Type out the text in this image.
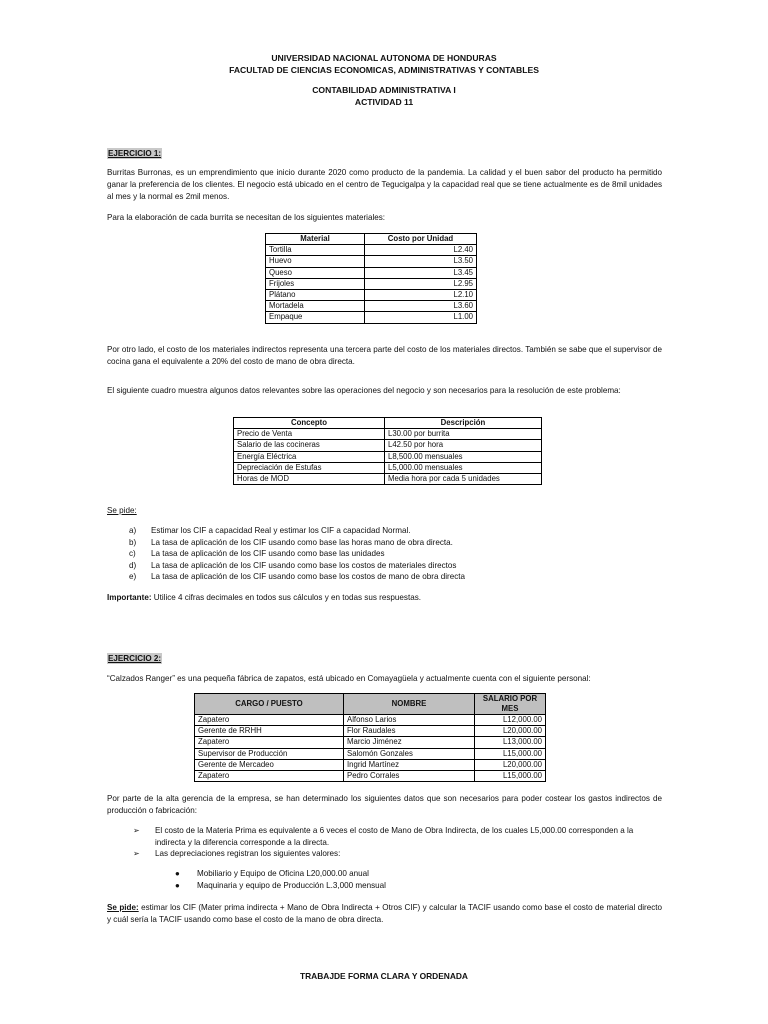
UNIVERSIDAD NACIONAL AUTONOMA DE HONDURAS
FACULTAD DE CIENCIAS ECONOMICAS, ADMINISTRATIVAS Y CONTABLES
CONTABILIDAD ADMINISTRATIVA I
ACTIVIDAD 11
EJERCICIO 1:
Burritas Burronas, es un emprendimiento que inicio durante 2020 como producto de la pandemia. La calidad y el buen sabor del producto ha permitido ganar la preferencia de los clientes. El negocio está ubicado en el centro de Tegucigalpa y la capacidad real que se tiene actualmente es de 8mil unidades al mes y la normal es 2mil menos.
Para la elaboración de cada burrita se necesitan de los siguientes materiales:
Material	Costo por Unidad
Tortilla	L2.40
Huevo	L3.50
Queso	L3.45
Frijoles	L2.95
Plátano	L2.10
Mortadela	L3.60
Empaque	L1.00
Por otro lado, el costo de los materiales indirectos representa una tercera parte del costo de los materiales directos. También se sabe que el supervisor de cocina gana el equivalente a 20% del costo de mano de obra directa.
El siguiente cuadro muestra algunos datos relevantes sobre las operaciones del negocio y son necesarios para la resolución de este problema:
Concepto	Descripción
Precio de Venta	L30.00 por burrita
Salario de las cocineras	L42.50 por hora
Energía Eléctrica	L8,500.00 mensuales
Depreciación de Estufas	L5,000.00 mensuales
Horas de MOD	Media hora por cada 5 unidades
Se pide:
a) Estimar los CIF a capacidad Real y estimar los CIF a capacidad Normal.
b) La tasa de aplicación de los CIF usando como base las horas mano de obra directa.
c) La tasa de aplicación de los CIF usando como base las unidades
d) La tasa de aplicación de los CIF usando como base los costos de materiales directos
e) La tasa de aplicación de los CIF usando como base los costos de mano de obra directa
Importante: Utilice 4 cifras decimales en todos sus cálculos y en todas sus respuestas.
EJERCICIO 2:
“Calzados Ranger” es una pequeña fábrica de zapatos, está ubicado en Comayagüela y actualmente cuenta con el siguiente personal:
CARGO / PUESTO	NOMBRE	SALARIO POR MES
Zapatero	Alfonso Larios	L12,000.00
Gerente de RRHH	Flor Raudales	L20,000.00
Zapatero	Marcio Jiménez	L13,000.00
Supervisor de Producción	Salomón Gonzales	L15,000.00
Gerente de Mercadeo	Ingrid Martínez	L20,000.00
Zapatero	Pedro Corrales	L15,000.00
Por parte de la alta gerencia de la empresa, se han determinado los siguientes datos que son necesarios para poder costear los gastos indirectos de producción o fabricación:
➢ El costo de la Materia Prima es equivalente a 6 veces el costo de Mano de Obra Indirecta, de los cuales L5,000.00 corresponden a la indirecta y la diferencia corresponde a la directa.
➢ Las depreciaciones registran los siguientes valores:
● Mobiliario y Equipo de Oficina L20,000.00 anual
● Maquinaria y equipo de Producción L.3,000 mensual
Se pide: estimar los CIF (Mater prima indirecta + Mano de Obra Indirecta + Otros CIF) y calcular la TACIF usando como base el costo de material directo y cuál sería la TACIF usando como base el costo de la mano de obra directa.
TRABAJDE FORMA CLARA Y ORDENADA
